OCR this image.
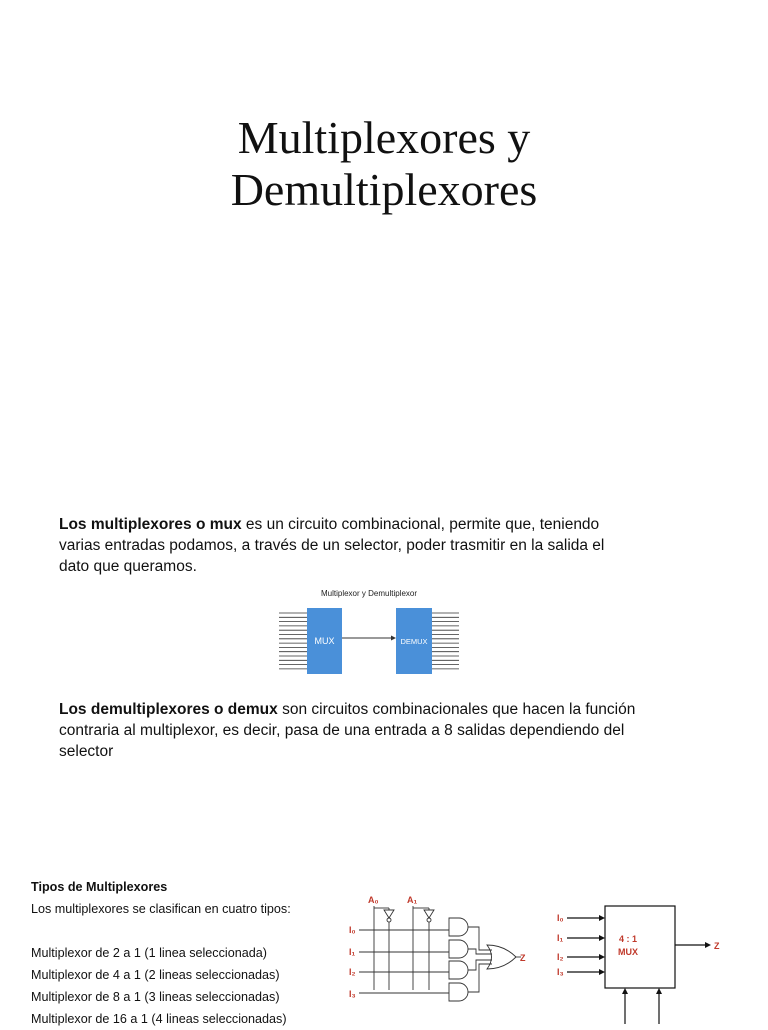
Multiplexores y
Demultiplexores
Los multiplexores o mux es un circuito combinacional, permite que, teniendo
varias entradas podamos, a través de un selector, poder trasmitir en la salida el
dato que queramos.
Multiplexor y Demultiplexor
MUX	DEMUX
Los demultiplexores o demux son circuitos combinacionales que hacen la función
contraria al multiplexor, es decir, pasa de una entrada a 8 salidas dependiendo del
selector
Tipos de Multiplexores
Los multiplexores se clasifican en cuatro tipos:
Multiplexor de 2 a 1 (1 linea seleccionada)
Multiplexor de 4 a 1 (2 lineas seleccionadas)
Multiplexor de 8 a 1 (3 lineas seleccionadas)
Multiplexor de 16 a 1 (4 lineas seleccionadas)
A₀	A₁
I₀
I₁
I₂
I₃
Z
I₀
I₁
I₂
I₃
4 : 1
MUX
Z
